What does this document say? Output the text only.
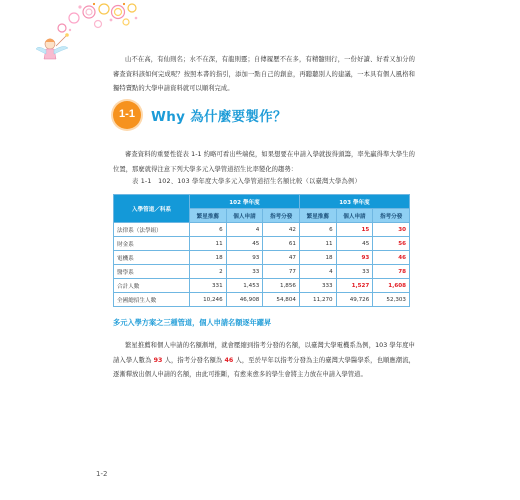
山不在高，有仙則名；水不在深，有龍則靈；自傳履歷不在多，有精髓則行，一份好讀、好看又加分的審查資料該如何完成呢？按照本書的指引，添加一點自己的創意，再聽聽別人的建議，一本具有個人風格和獨特賣點的大學申請資料就可以順利完成。

1-1	Why 為什麼要製作？

審查資料的重要性從表 1-1 約略可看出些端倪，如果想要在申請入學就拔得頭籌，率先贏得準大學生的位置，那麼就得注意下列大學多元入學管道招生比率變化的趨勢：

表 1-1　102、103 學年度大學多元入學管道招生名額比較（以臺灣大學為例）
入學管道／科系	102 學年度			103 學年度		
	繁星推薦	個人申請	指考分發	繁星推薦	個人申請	指考分發
法律系（法學組）	6	4	42	6	15	30
財金系	11	45	61	11	45	56
電機系	18	93	47	18	93	46
醫學系	2	33	77	4	33	78
合計人數	331	1,453	1,856	333	1,527	1,608
全國總招生人數	10,246	46,908	54,804	11,270	49,726	52,303
多元入學方案之三種管道，個人申請名額逐年躍昇

繁星推薦和個人申請的名額漸增，就會壓縮到指考分發的名額，以臺灣大學電機系為例，103 學年度申請入學人數為 93 人，指考分發名額為 46 人，至於早年以指考分發為主的臺灣大學醫學系，也順應潮流，逐漸釋放出個人申請的名額，由此可推斷，有愈來愈多的學生會將主力放在申請入學管道。

1-2
